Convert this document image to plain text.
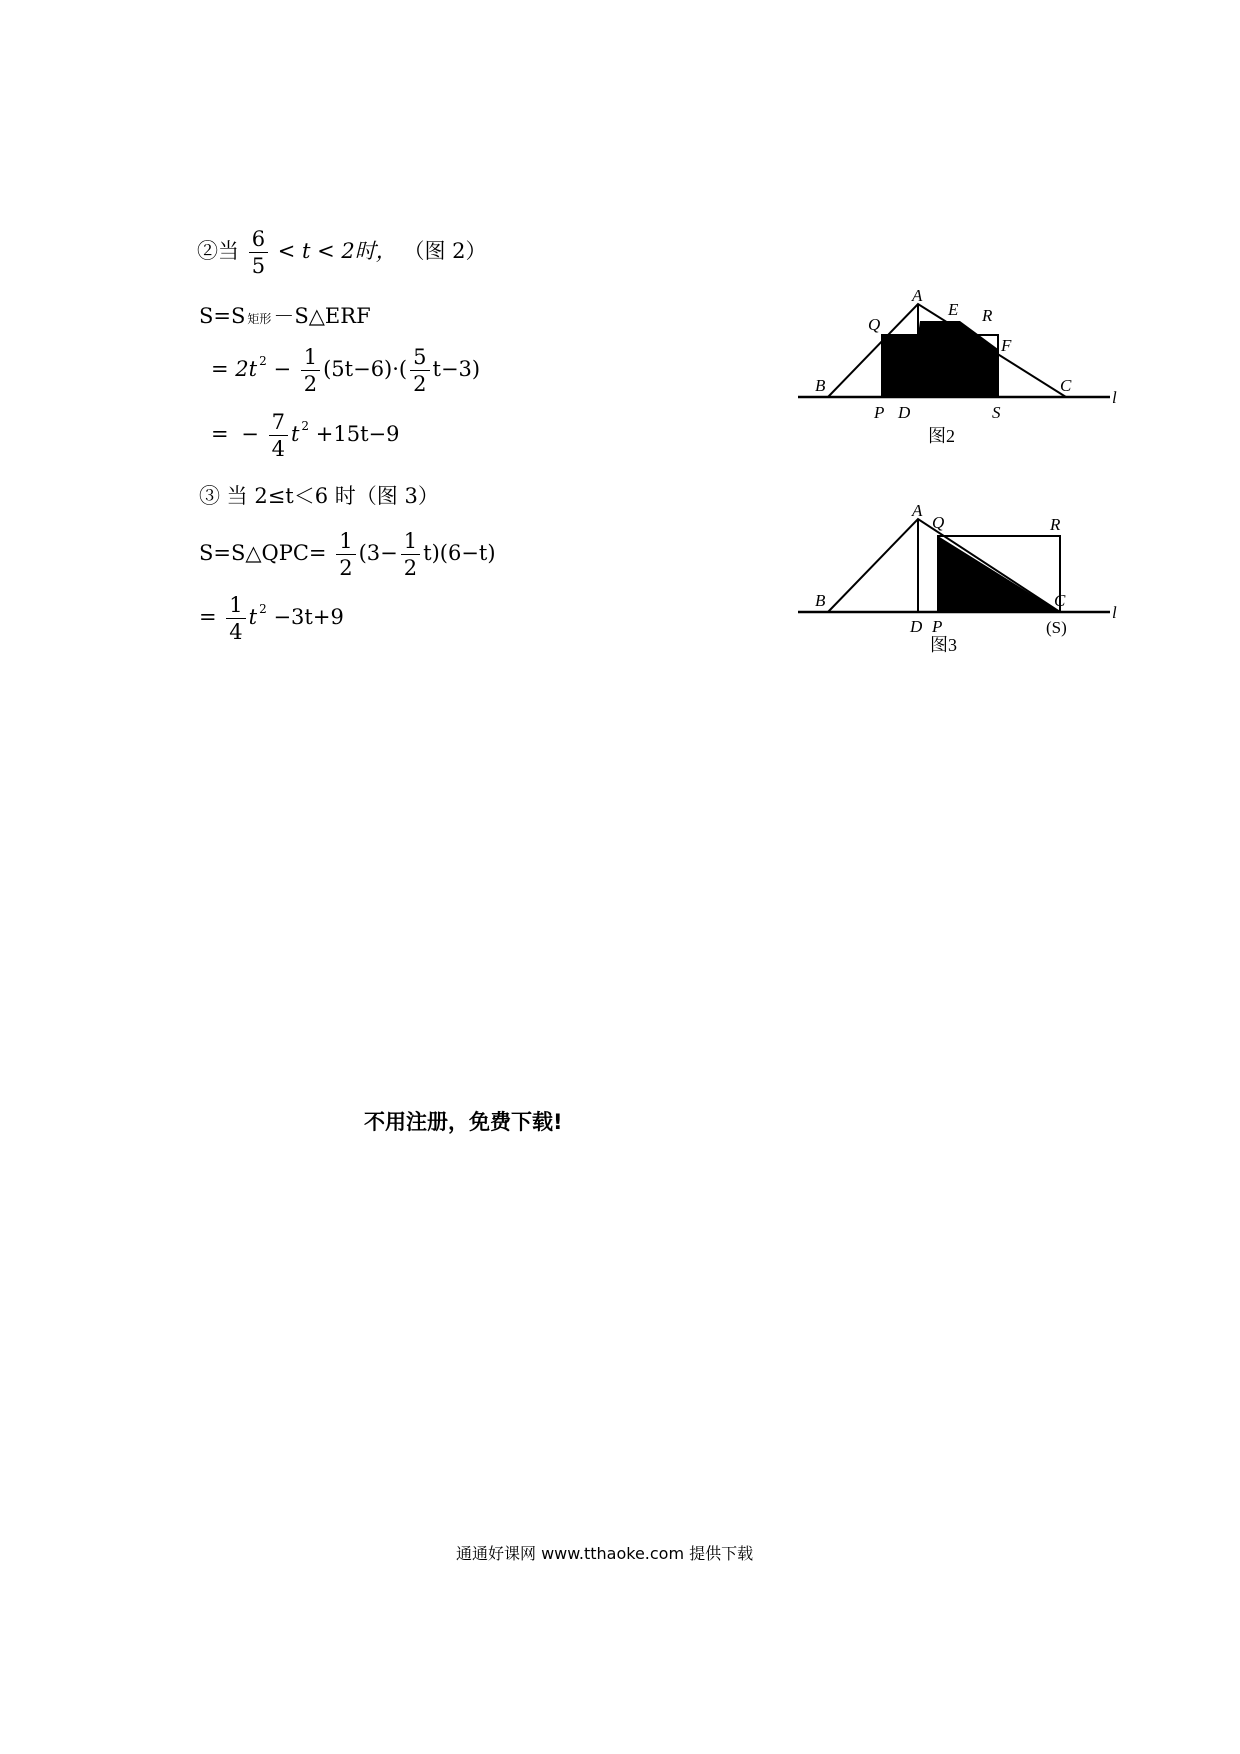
②当 $\frac{6}{5} < t < 2$时， （图 2）
S=S 矩形－S△ERF
= 2t $^2 - \frac{1}{2} (5t-6)\cdot( \frac{5}{2} t-3)$
= − $\frac{7}{4}$ t $^2$ +15t−9
③ 当 2≤t＜6 时（图 3）
S=S△QPC= $\frac{1}{2} (3- \frac{1}{2} t)(6-t)$
= $\frac{1}{4}$ t $^2$ −3t+9
A
Q
E R
F
B	C
l
P D	S
图2
A
Q	R
B	C
l
D P	(S)
图3
不用注册，免费下载!
通通好课网 www.tthaoke.com 提供下载
